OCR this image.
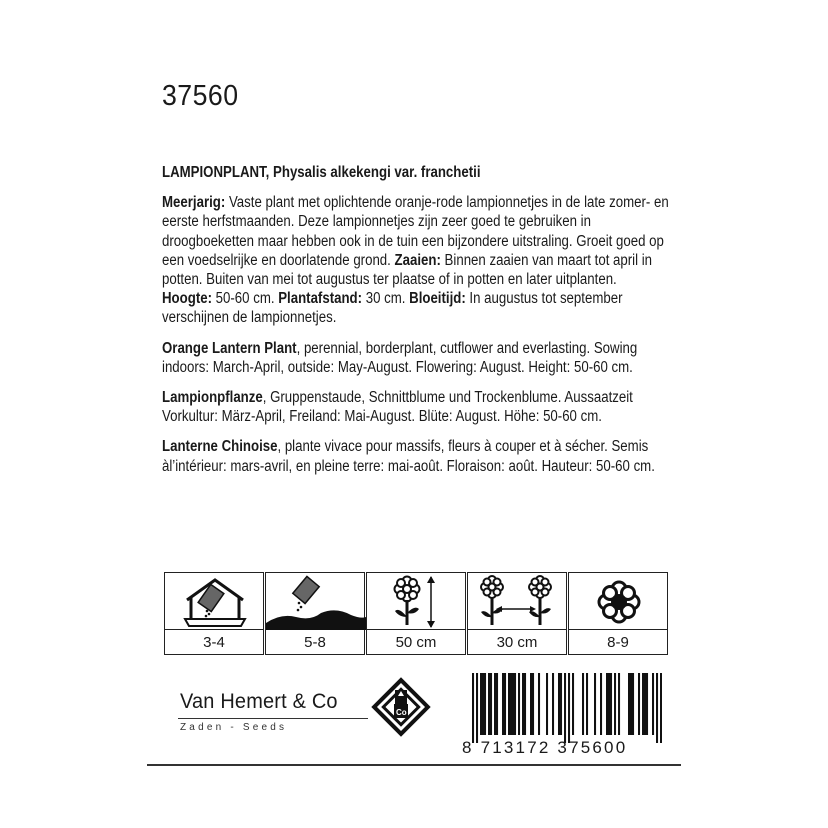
37560

LAMPIONPLANT, Physalis alkekengi var. franchetii

Meerjarig: Vaste plant met oplichtende oranje-rode lampionnetjes in de late zomer- en eerste herfstmaanden. Deze lampionnetjes zijn zeer goed te gebruiken in droogboeketten maar hebben ook in de tuin een bijzondere uitstraling. Groeit goed op een voedselrijke en doorlatende grond. Zaaien: Binnen zaaien van maart tot april in potten. Buiten van mei tot augustus ter plaatse of in potten en later uitplanten. Hoogte: 50-60 cm. Plantafstand: 30 cm. Bloeitijd: In augustus tot september verschijnen de lampionnetjes.

Orange Lantern Plant, perennial, borderplant, cutflower and everlasting. Sowing indoors: March-April, outside: May-August. Flowering: August. Height: 50-60 cm.

Lampionpflanze, Gruppenstaude, Schnittblume und Trockenblume. Aussaatzeit Vorkultur: März-April, Freiland: Mai-August. Blüte: August. Höhe: 50-60 cm.

Lanterne Chinoise, plante vivace pour massifs, fleurs à couper et à sécher. Semis àl’intérieur: mars-avril, en pleine terre: mai-août. Floraison: août. Hauteur: 50-60 cm.

3-4	5-8	50 cm	30 cm	8-9
Van Hemert & Co
Zaden - Seeds
Co
8 713172 375600
